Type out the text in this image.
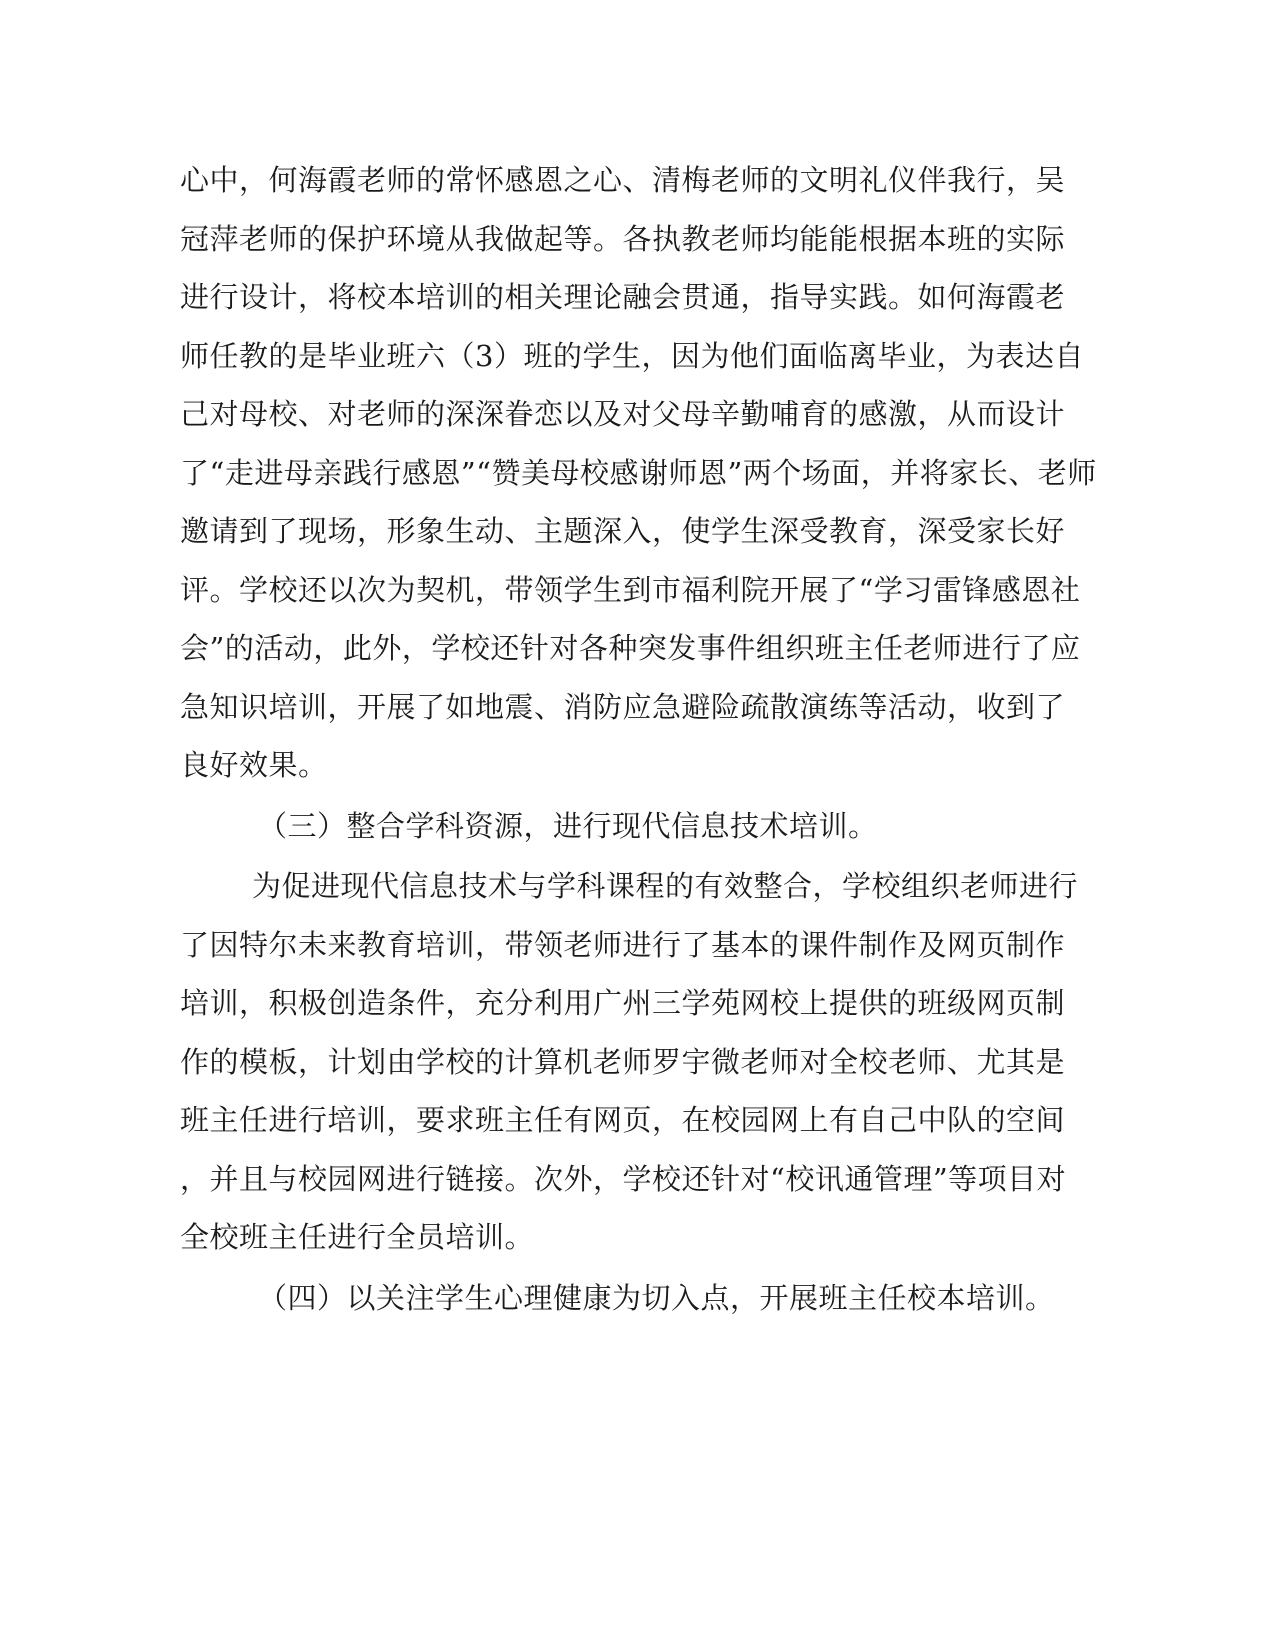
心中，何海霞老师的常怀感恩之心、清梅老师的文明礼仪伴我行，吴
冠萍老师的保护环境从我做起等。各执教老师均能能根据本班的实际
进行设计，将校本培训的相关理论融会贯通，指导实践。如何海霞老
师任教的是毕业班六（3）班的学生，因为他们面临离毕业，为表达自
己对母校、对老师的深深眷恋以及对父母辛勤哺育的感激，从而设计
了“走进母亲践行感恩”“赞美母校感谢师恩”两个场面，并将家长、老师
邀请到了现场，形象生动、主题深入，使学生深受教育，深受家长好
评。学校还以次为契机，带领学生到市福利院开展了“学习雷锋感恩社
会”的活动，此外，学校还针对各种突发事件组织班主任老师进行了应
急知识培训，开展了如地震、消防应急避险疏散演练等活动，收到了
良好效果。
（三）整合学科资源，进行现代信息技术培训。
为促进现代信息技术与学科课程的有效整合，学校组织老师进行
了因特尔未来教育培训，带领老师进行了基本的课件制作及网页制作
培训，积极创造条件，充分利用广州三学苑网校上提供的班级网页制
作的模板，计划由学校的计算机老师罗宇微老师对全校老师、尤其是
班主任进行培训，要求班主任有网页，在校园网上有自己中队的空间
，并且与校园网进行链接。次外，学校还针对“校讯通管理”等项目对
全校班主任进行全员培训。
（四）以关注学生心理健康为切入点，开展班主任校本培训。
